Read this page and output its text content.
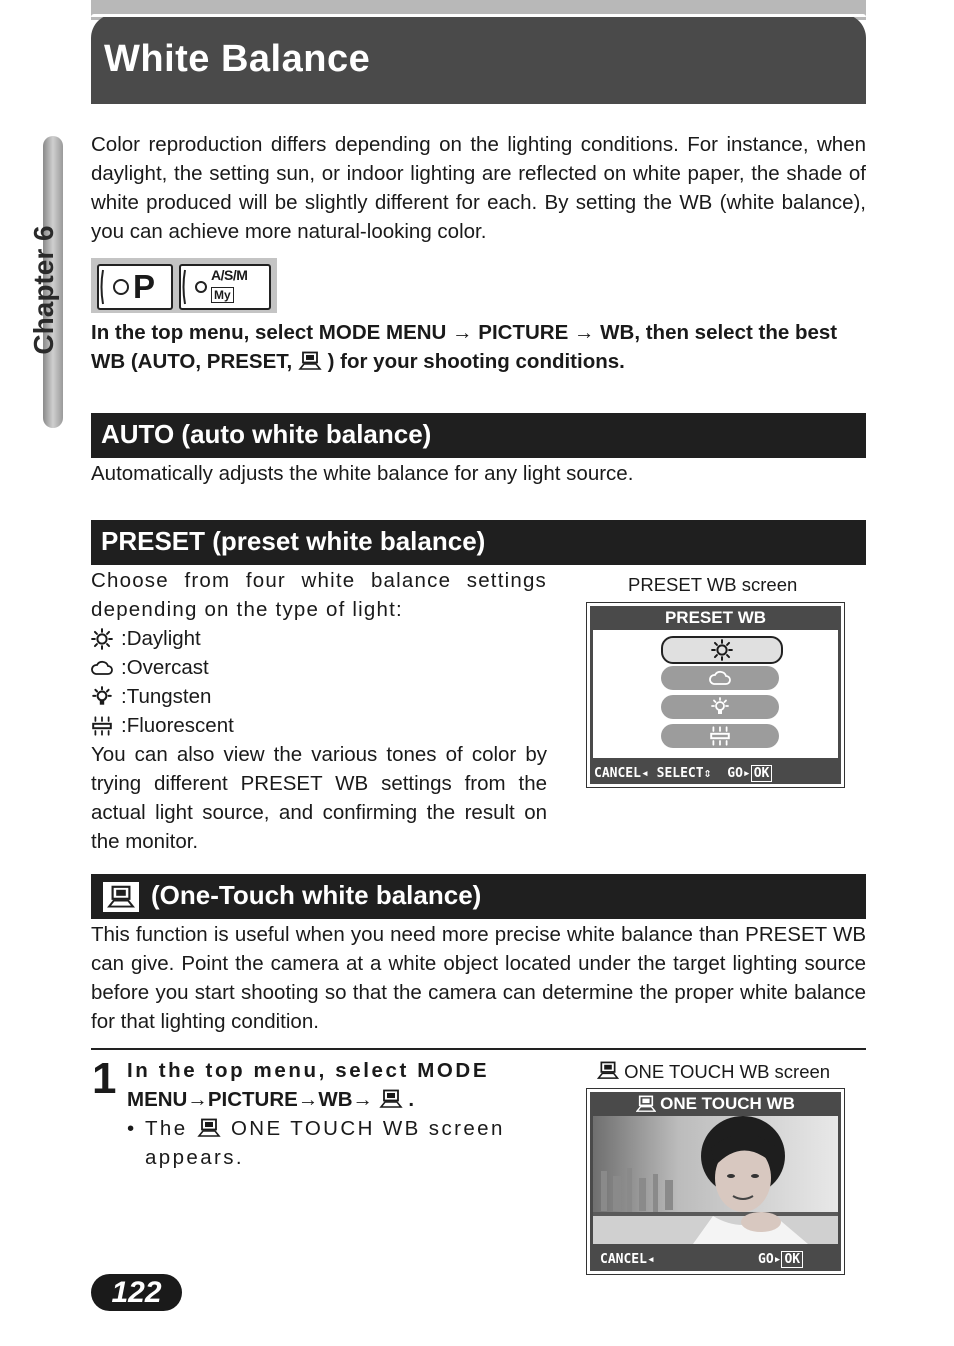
White Balance
Chapter 6

Color reproduction differs depending on the lighting conditions. For instance, when daylight, the setting sun, or indoor lighting are reflected on white paper, the shade of white produced will be slightly different for each. By setting the WB (white balance), you can achieve more natural-looking color.

P	A/S/M
My

In the top menu, select MODE MENU → PICTURE → WB, then select the best WB (AUTO, PRESET, ) for your shooting conditions.

AUTO (auto white balance)

Automatically adjusts the white balance for any light source.

PRESET (preset white balance)

Choose from four white balance settings depending on the type of light:

:Daylight
:Overcast
:Tungsten
:Fluorescent

You can also view the various tones of color by trying different PRESET WB settings from the actual light source, and confirming the result on the monitor.

PRESET WB screen
PRESET WB
CANCEL◂ SELECT⇕ GO▸ OK
(One-Touch white balance)

This function is useful when you need more precise white balance than PRESET WB can give. Point the camera at a white object located under the target lighting source before you start shooting so that the camera can determine the proper white balance for that lighting condition.

1 In the top menu, select MODE
MENU→PICTURE→WB→ .
• The ONE TOUCH WB screen appears.
ONE TOUCH WB screen
ONE TOUCH WB
CANCEL◂	GO▸ OK
122
